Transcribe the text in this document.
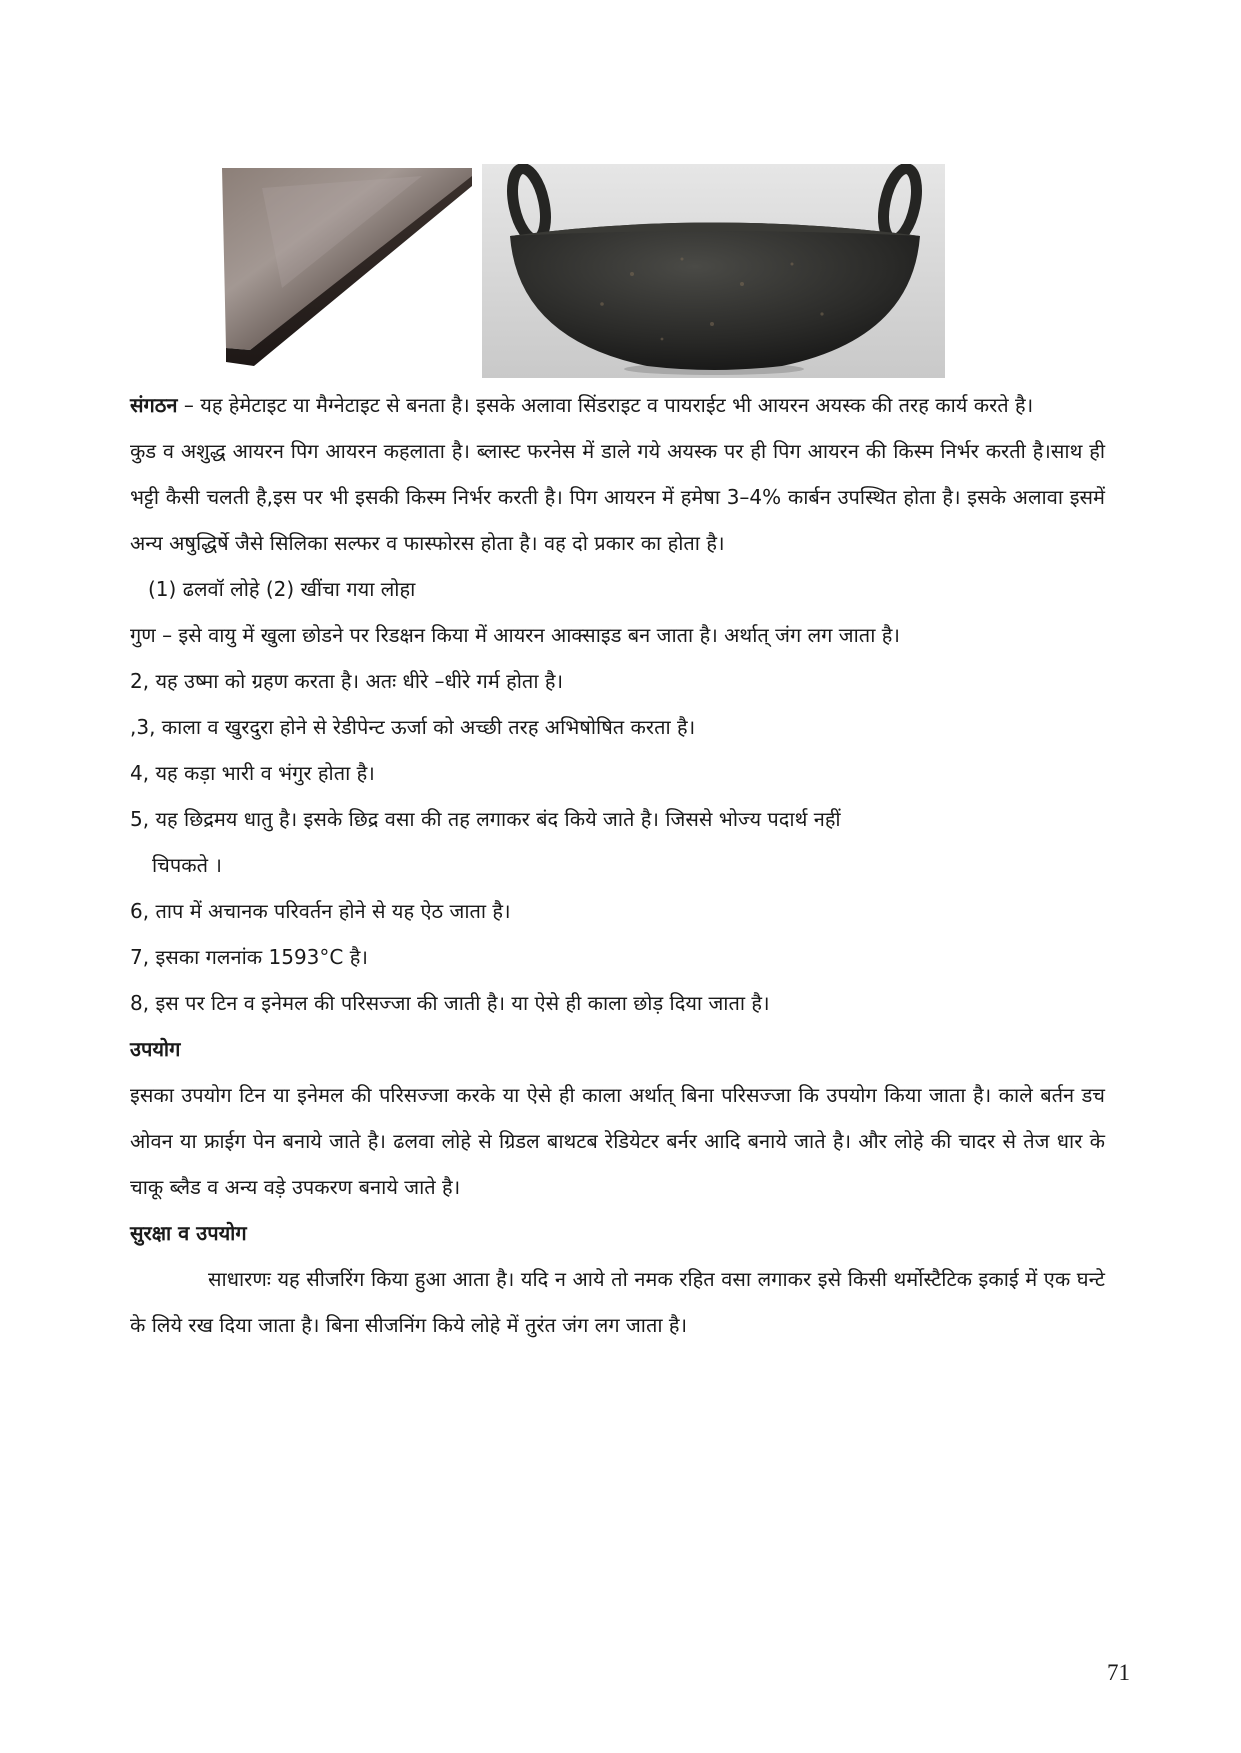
संगठन – यह हेमेटाइट या मैग्नेटाइट से बनता है। इसके अलावा सिंडराइट व पायराईट भी आयरन अयस्क की तरह कार्य करते है।

कुड व अशुद्ध आयरन पिग आयरन कहलाता है। ब्लास्ट फरनेस में डाले गये अयस्क पर ही पिग आयरन की किस्म निर्भर करती है।साथ ही भट्टी कैसी चलती है,इस पर भी इसकी किस्म निर्भर करती है। पिग आयरन में हमेषा 3–4% कार्बन उपस्थित होता है। इसके अलावा इसमें अन्य अषुद्धिर्षे जैसे सिलिका सल्फर व फास्फोरस होता है। वह दो प्रकार का होता है।

(1) ढलवॉ लोहे (2) खींचा गया लोहा

गुण – इसे वायु में खुला छोडने पर रिडक्षन किया में आयरन आक्साइड बन जाता है। अर्थात् जंग लग जाता है।

2, यह उष्मा को ग्रहण करता है। अतः धीरे –धीरे गर्म होता है।

,3, काला व खुरदुरा होने से रेडीपेन्ट ऊर्जा को अच्छी तरह अभिषोषित करता है।

4, यह कड़ा भारी व भंगुर होता है।

5, यह छिद्रमय धातु है। इसके छिद्र वसा की तह लगाकर बंद किये जाते है। जिससे भोज्य पदार्थ नहीं

चिपकते ।

6, ताप में अचानक परिवर्तन होने से यह ऐठ जाता है।

7, इसका गलनांक 1593°C है।

8, इस पर टिन व इनेमल की परिसज्जा की जाती है। या ऐसे ही काला छोड़ दिया जाता है।

उपयोग

इसका उपयोग टिन या इनेमल की परिसज्जा करके या ऐसे ही काला अर्थात् बिना परिसज्जा कि उपयोग किया जाता है। काले बर्तन डच ओवन या फ्राईग पेन बनाये जाते है। ढलवा लोहे से ग्रिडल बाथटब रेडियेटर बर्नर आदि बनाये जाते है। और लोहे की चादर से तेज धार के चाकू ब्लैड व अन्य वड़े उपकरण बनाये जाते है।

सुरक्षा व उपयोग

साधारणः यह सीजरिंग किया हुआ आता है। यदि न आये तो नमक रहित वसा लगाकर इसे किसी थर्मोस्टैटिक इकाई में एक घन्टे के लिये रख दिया जाता है। बिना सीजनिंग किये लोहे में तुरंत जंग लग जाता है।

71
